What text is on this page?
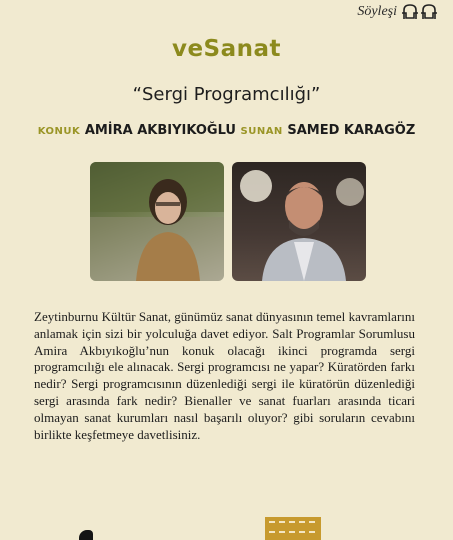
Söyleşi
veSanat
“Sergi Programcılığı”
KONUK AMİRA AKBIYIKOĞLU SUNAN SAMED KARAGÖZ
Zeytinburnu Kültür Sanat, günümüz sanat dünyasının temel kavramlarını anlamak için sizi bir yolculuğa davet ediyor. Salt Programlar Sorumlusu Amira Akbıyıkoğlu’nun konuk olacağı ikinci programda sergi programcılığı ele alınacak. Sergi programcısı ne yapar? Küratörden farkı nedir? Sergi programcısının düzenlediği sergi ile küratörün düzenlediği sergi arasında fark nedir? Bienaller ve sanat fuarları arasında ticari olmayan sanat kurumları nasıl başarılı oluyor? gibi soruların cevabını birlikte keşfetmeye davetlisiniz.
